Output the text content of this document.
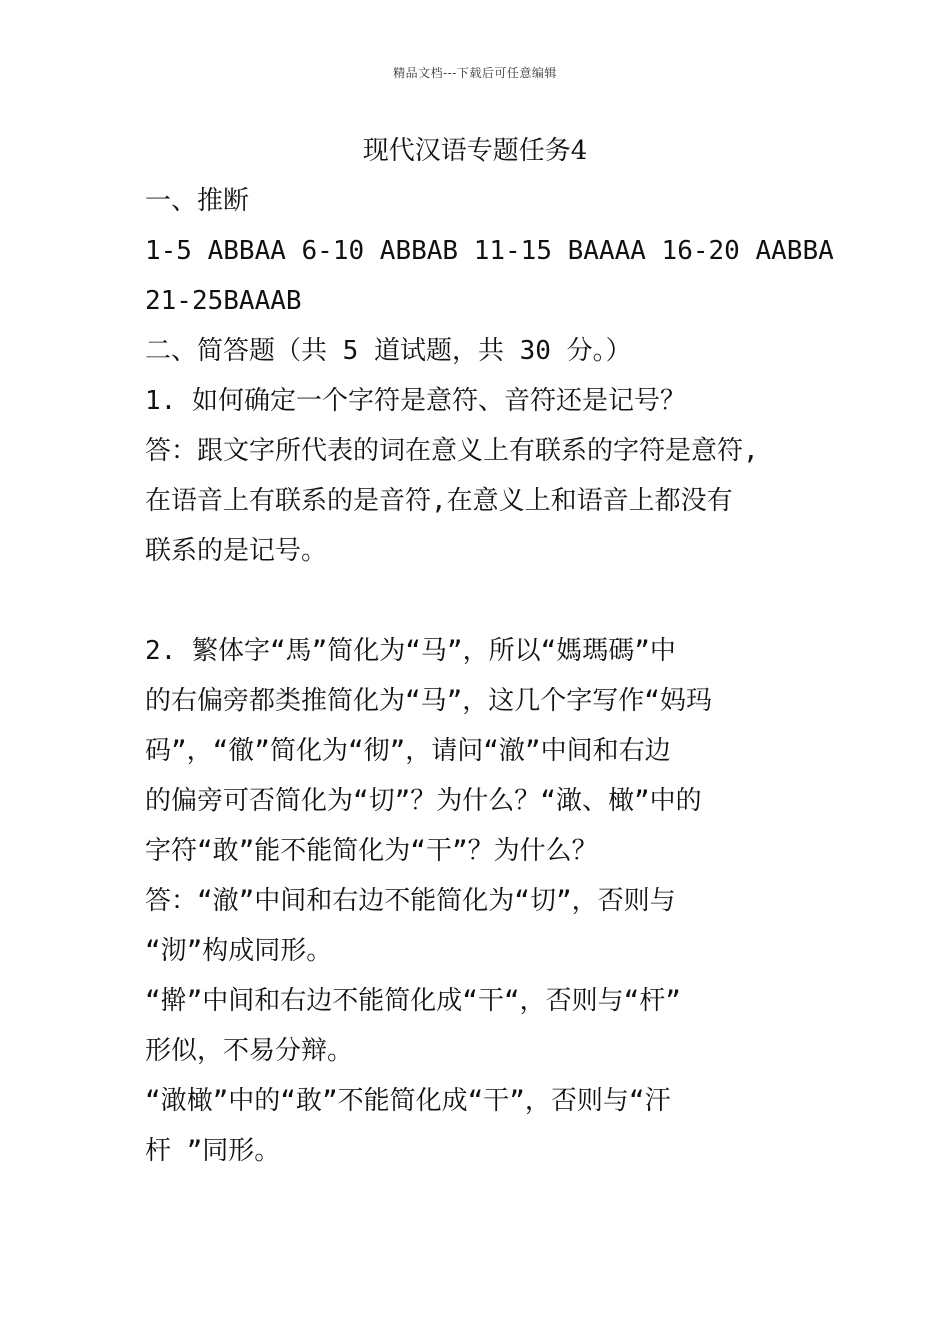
精品文档---下载后可任意编辑
现代汉语专题任务4
一、推断
1-5 ABBAA 6-10 ABBAB 11-15 BAAAA 16-20 AABBA
21-25BAAAB
二、简答题（共 5 道试题，共 30 分。）
1. 如何确定一个字符是意符、音符还是记号？
答：跟文字所代表的词在意义上有联系的字符是意符,
在语音上有联系的是音符,在意义上和语音上都没有
联系的是记号。
2. 繁体字“馬”简化为“马”，所以“媽瑪碼”中
的右偏旁都类推简化为“马”，这几个字写作“妈玛
码”，“徹”简化为“彻”，请问“澈”中间和右边
的偏旁可否简化为“切”？为什么？“澉、橄”中的
字符“敢”能不能简化为“干”？为什么？
答：“澈”中间和右边不能简化为“切”，否则与
“沏”构成同形。
“擀”中间和右边不能简化成“干“，否则与“杆”
形似，不易分辩。
“澉橄”中的“敢”不能简化成“干”，否则与“汗
杆 ”同形。
